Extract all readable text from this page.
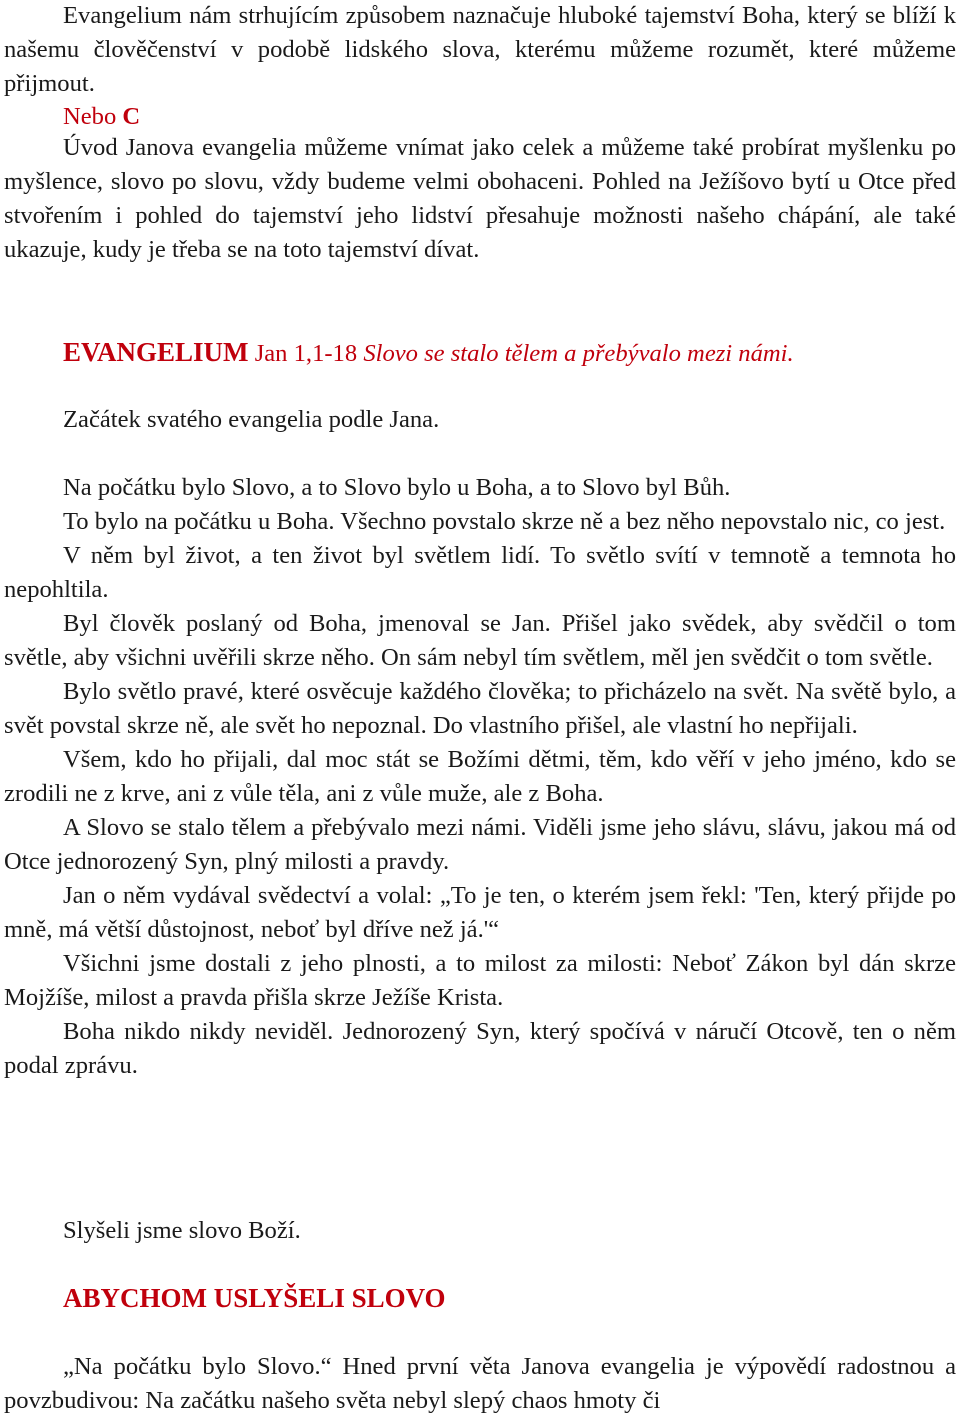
Evangelium nám strhujícím způsobem naznačuje hluboké tajemství Boha, který se blíží k našemu člověčenství v podobě lidského slova, kterému můžeme rozumět, které můžeme přijmout.

Nebo C

Úvod Janova evangelia můžeme vnímat jako celek a můžeme také probírat myšlenku po myšlence, slovo po slovu, vždy budeme velmi obohaceni. Pohled na Ježíšovo bytí u Otce před stvořením i pohled do tajemství jeho lidství přesahuje možnosti našeho chápání, ale také ukazuje, kudy je třeba se na toto tajemství dívat.

EVANGELIUM Jan 1,1-18 Slovo se stalo tělem a přebývalo mezi námi.

Začátek svatého evangelia podle Jana.

Na počátku bylo Slovo, a to Slovo bylo u Boha, a to Slovo byl Bůh.

To bylo na počátku u Boha. Všechno povstalo skrze ně a bez něho nepovstalo nic, co jest.

V něm byl život, a ten život byl světlem lidí. To světlo svítí v temnotě a temnota ho nepohltila.

Byl člověk poslaný od Boha, jmenoval se Jan. Přišel jako svědek, aby svědčil o tom světle, aby všichni uvěřili skrze něho. On sám nebyl tím světlem, měl jen svědčit o tom světle.

Bylo světlo pravé, které osvěcuje každého člověka; to přicházelo na svět. Na světě bylo, a svět povstal skrze ně, ale svět ho nepoznal. Do vlastního přišel, ale vlastní ho nepřijali.

Všem, kdo ho přijali, dal moc stát se Božími dětmi, těm, kdo věří v jeho jméno, kdo se zrodili ne z krve, ani z vůle těla, ani z vůle muže, ale z Boha.

A Slovo se stalo tělem a přebývalo mezi námi. Viděli jsme jeho slávu, slávu, jakou má od Otce jednorozený Syn, plný milosti a pravdy.

Jan o něm vydával svědectví a volal: „To je ten, o kterém jsem řekl: 'Ten, který přijde po mně, má větší důstojnost, neboť byl dříve než já.'“

Všichni jsme dostali z jeho plnosti, a to milost za milosti: Neboť Zákon byl dán skrze Mojžíše, milost a pravda přišla skrze Ježíše Krista.

Boha nikdo nikdy neviděl. Jednorozený Syn, který spočívá v náručí Otcově, ten o něm podal zprávu.

Slyšeli jsme slovo Boží.

ABYCHOM USLYŠELI SLOVO

„Na počátku bylo Slovo.“ Hned první věta Janova evangelia je výpovědí radostnou a povzbudivou: Na začátku našeho světa nebyl slepý chaos hmoty či
